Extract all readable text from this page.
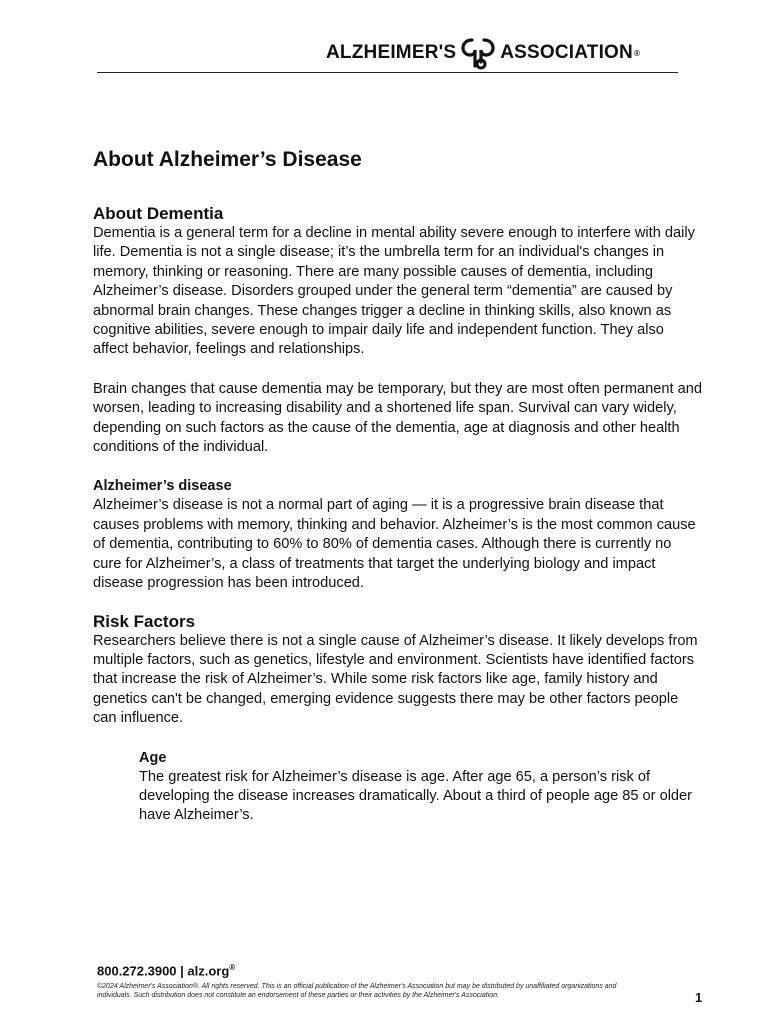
ALZHEIMER'S ASSOCIATION ®
About Alzheimer’s Disease
About Dementia

Dementia is a general term for a decline in mental ability severe enough to interfere with daily life. Dementia is not a single disease; it’s the umbrella term for an individual's changes in memory, thinking or reasoning. There are many possible causes of dementia, including Alzheimer’s disease. Disorders grouped under the general term “dementia” are caused by abnormal brain changes. These changes trigger a decline in thinking skills, also known as cognitive abilities, severe enough to impair daily life and independent function. They also affect behavior, feelings and relationships.

Brain changes that cause dementia may be temporary, but they are most often permanent and worsen, leading to increasing disability and a shortened life span. Survival can vary widely, depending on such factors as the cause of the dementia, age at diagnosis and other health conditions of the individual.

Alzheimer’s disease

Alzheimer’s disease is not a normal part of aging — it is a progressive brain disease that causes problems with memory, thinking and behavior. Alzheimer’s is the most common cause of dementia, contributing to 60% to 80% of dementia cases. Although there is currently no cure for Alzheimer’s, a class of treatments that target the underlying biology and impact disease progression has been introduced.

Risk Factors

Researchers believe there is not a single cause of Alzheimer’s disease. It likely develops from multiple factors, such as genetics, lifestyle and environment. Scientists have identified factors that increase the risk of Alzheimer’s. While some risk factors like age, family history and genetics can't be changed, emerging evidence suggests there may be other factors people can influence.

Age

The greatest risk for Alzheimer’s disease is age. After age 65, a person’s risk of developing the disease increases dramatically. About a third of people age 85 or older have Alzheimer’s.

800.272.3900 | alz.org®
©2024 Alzheimer's Association®. All rights reserved. This is an official publication of the Alzheimer's Association but may be distributed by unaffiliated organizations and individuals. Such distribution does not constitute an endorsement of these parties or their activities by the Alzheimer's Association.	1
